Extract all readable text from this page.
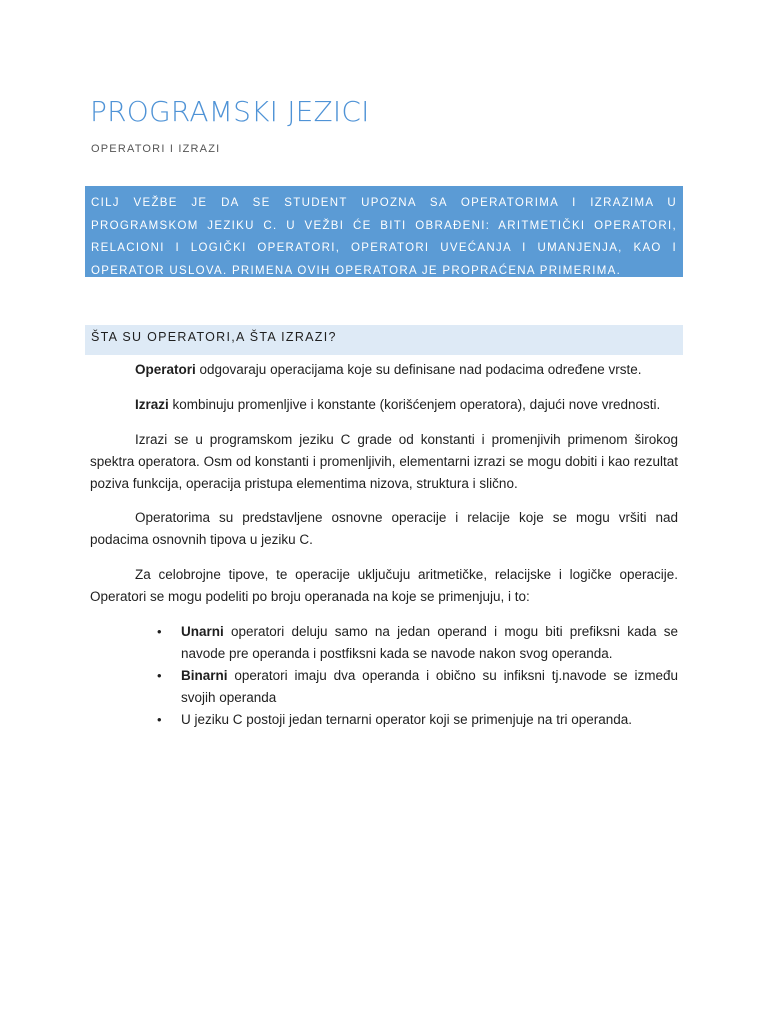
PROGRAMSKI JEZICI

OPERATORI I IZRAZI

CILJ VEŽBE JE DA SE STUDENT UPOZNA SA OPERATORIMA I IZRAZIMA U PROGRAMSKOM JEZIKU C. U VEŽBI ĆE BITI OBRAĐENI: ARITMETIČKI OPERATORI, RELACIONI I LOGIČKI OPERATORI, OPERATORI UVEĆANJA I UMANJENJA, KAO I OPERATOR USLOVA. PRIMENA OVIH OPERATORA JE PROPRAĆENA PRIMERIMA.

ŠTA SU OPERATORI,A ŠTA IZRAZI?

Operatori odgovaraju operacijama koje su definisane nad podacima određene vrste.

Izrazi kombinuju promenljive i konstante (korišćenjem operatora), dajući nove vrednosti.

Izrazi se u programskom jeziku C grade od konstanti i promenjivih primenom širokog spektra operatora. Osm od konstanti i promenljivih, elementarni izrazi se mogu dobiti i kao rezultat poziva funkcija, operacija pristupa elementima nizova, struktura i slično.

Operatorima su predstavljene osnovne operacije i relacije koje se mogu vršiti nad podacima osnovnih tipova u jeziku C.

Za celobrojne tipove, te operacije uključuju aritmetičke, relacijske i logičke operacije. Operatori se mogu podeliti po broju operanada na koje se primenjuju, i to:

• Unarni operatori deluju samo na jedan operand i mogu biti prefiksni kada se navode pre operanda i postfiksni kada se navode nakon svog operanda.
• Binarni operatori imaju dva operanda i obično su infiksni tj.navode se između svojih operanda
• U jeziku C postoji jedan ternarni operator koji se primenjuje na tri operanda.
